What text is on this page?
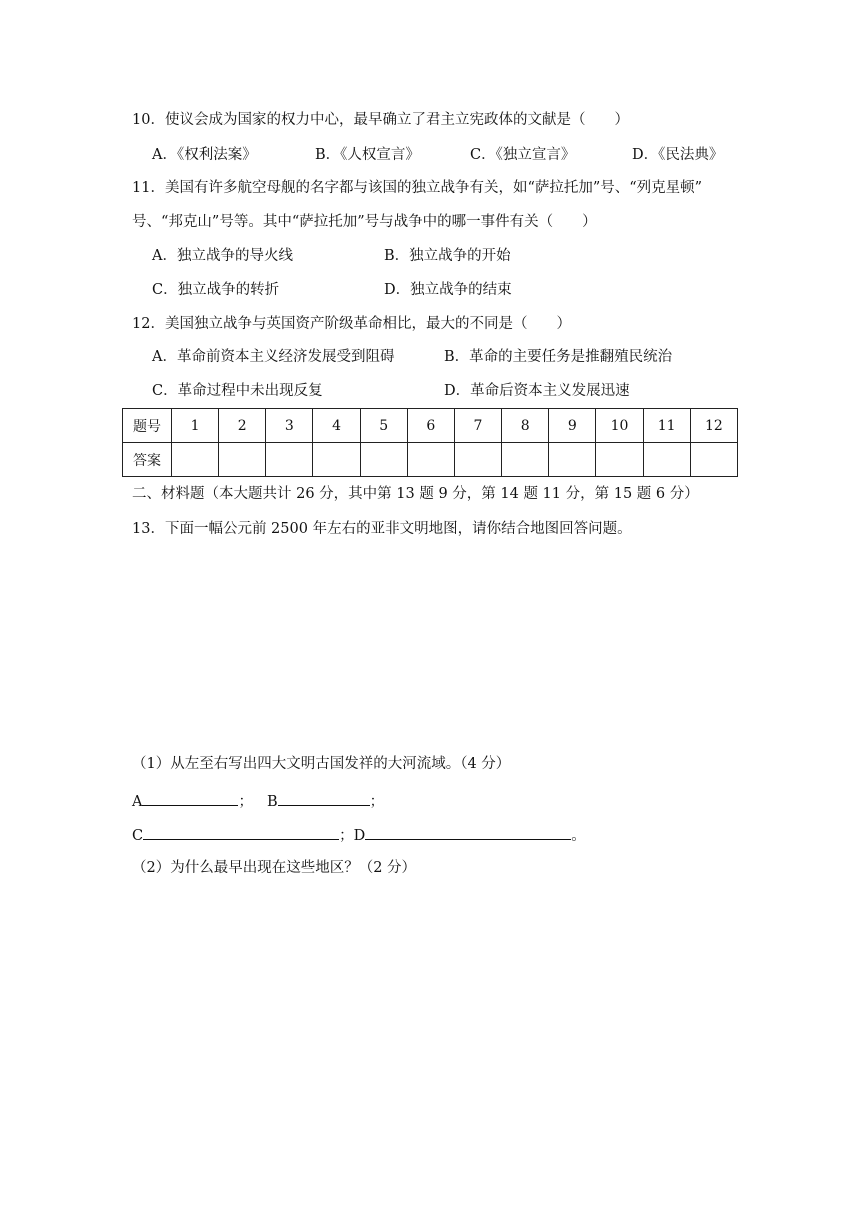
10．使议会成为国家的权力中心，最早确立了君主立宪政体的文献是（　　）
A．《权利法案》	B．《人权宣言》	C．《独立宣言》	D．《民法典》
11．美国有许多航空母舰的名字都与该国的独立战争有关，如“萨拉托加”号、“列克星顿”
号、“邦克山”号等。其中“萨拉托加”号与战争中的哪一事件有关（　　）
A．独立战争的导火线	B．独立战争的开始
C．独立战争的转折	D．独立战争的结束
12．美国独立战争与英国资产阶级革命相比，最大的不同是（　　）
A．革命前资本主义经济发展受到阻碍	B．革命的主要任务是推翻殖民统治
C．革命过程中未出现反复	D．革命后资本主义发展迅速
题号	1	2	3	4	5	6	7	8	9	10	11	12
答案												
二、材料题（本大题共计 26 分，其中第 13 题 9 分，第 14 题 11 分，第 15 题 6 分）
13．下面一幅公元前 2500 年左右的亚非文明地图，请你结合地图回答问题。
（1）从左至右写出四大文明古国发祥的大河流域。（4 分）
A	； B	；
C	；D	。
（2）为什么最早出现在这些地区？（2 分）
